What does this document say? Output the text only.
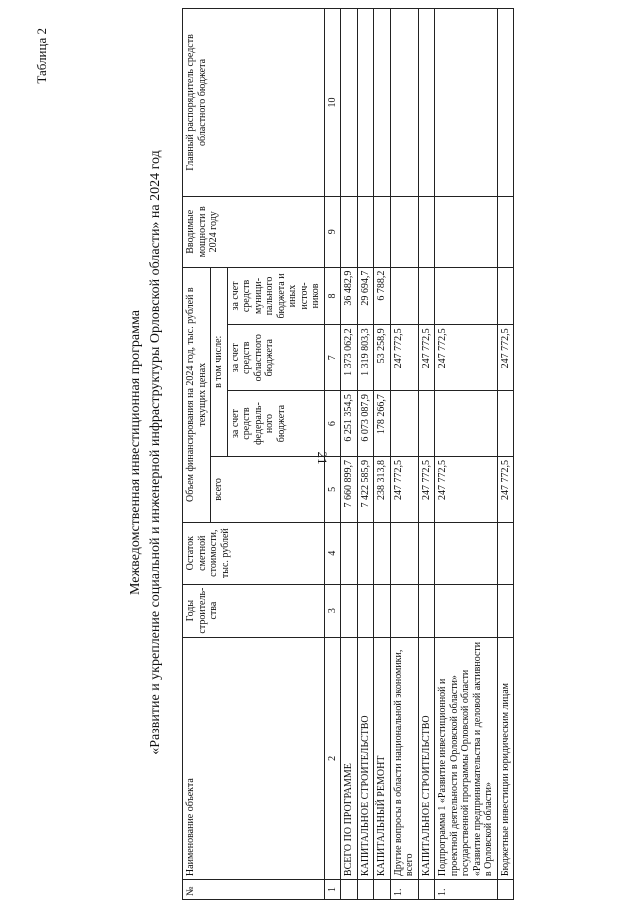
21
Таблица 2
Межведомственная инвестиционная программа «Развитие и укрепление социальной и инженерной инфраструктуры Орловской области» на 2024 год
№	Наименование объекта	Годы строитель-ства	Остаток сметной стоимости, тыс. рублей	Объем финансирования на 2024 год, тыс. рублей в текущих ценах				Вводимые мощности в 2024 году	Главный распорядитель средств областного бюджета
				всего	в том числе:				
					за счет средств федераль-ного бюджета	за счет средств областного бюджета	за счет средств муници-пального бюджета и иных источ-ников		
1	2	3	4	5	6	7	8	9	10
	ВСЕГО ПО ПРОГРАММЕ			7 660 899,7	6 251 354,5	1 373 062,2	36 482,9		
	КАПИТАЛЬНОЕ СТРОИТЕЛЬСТВО			7 422 585,9	6 073 087,9	1 319 803,3	29 694,7		
	КАПИТАЛЬНЫЙ РЕМОНТ			238 313,8	178 266,7	53 258,9	6 788,2		
1.	Другие вопросы в области национальной экономики, всего			247 772,5		247 772,5			
	КАПИТАЛЬНОЕ СТРОИТЕЛЬСТВО			247 772,5		247 772,5			
1.	Подпрограмма 1 «Развитие инвестиционной и проектной деятельности в Орловской области» государственной программы Орловской области «Развитие предпринимательства и деловой активности в Орловской области»			247 772,5		247 772,5			
	Бюджетные инвестиции юридическим лицам			247 772,5		247 772,5			
